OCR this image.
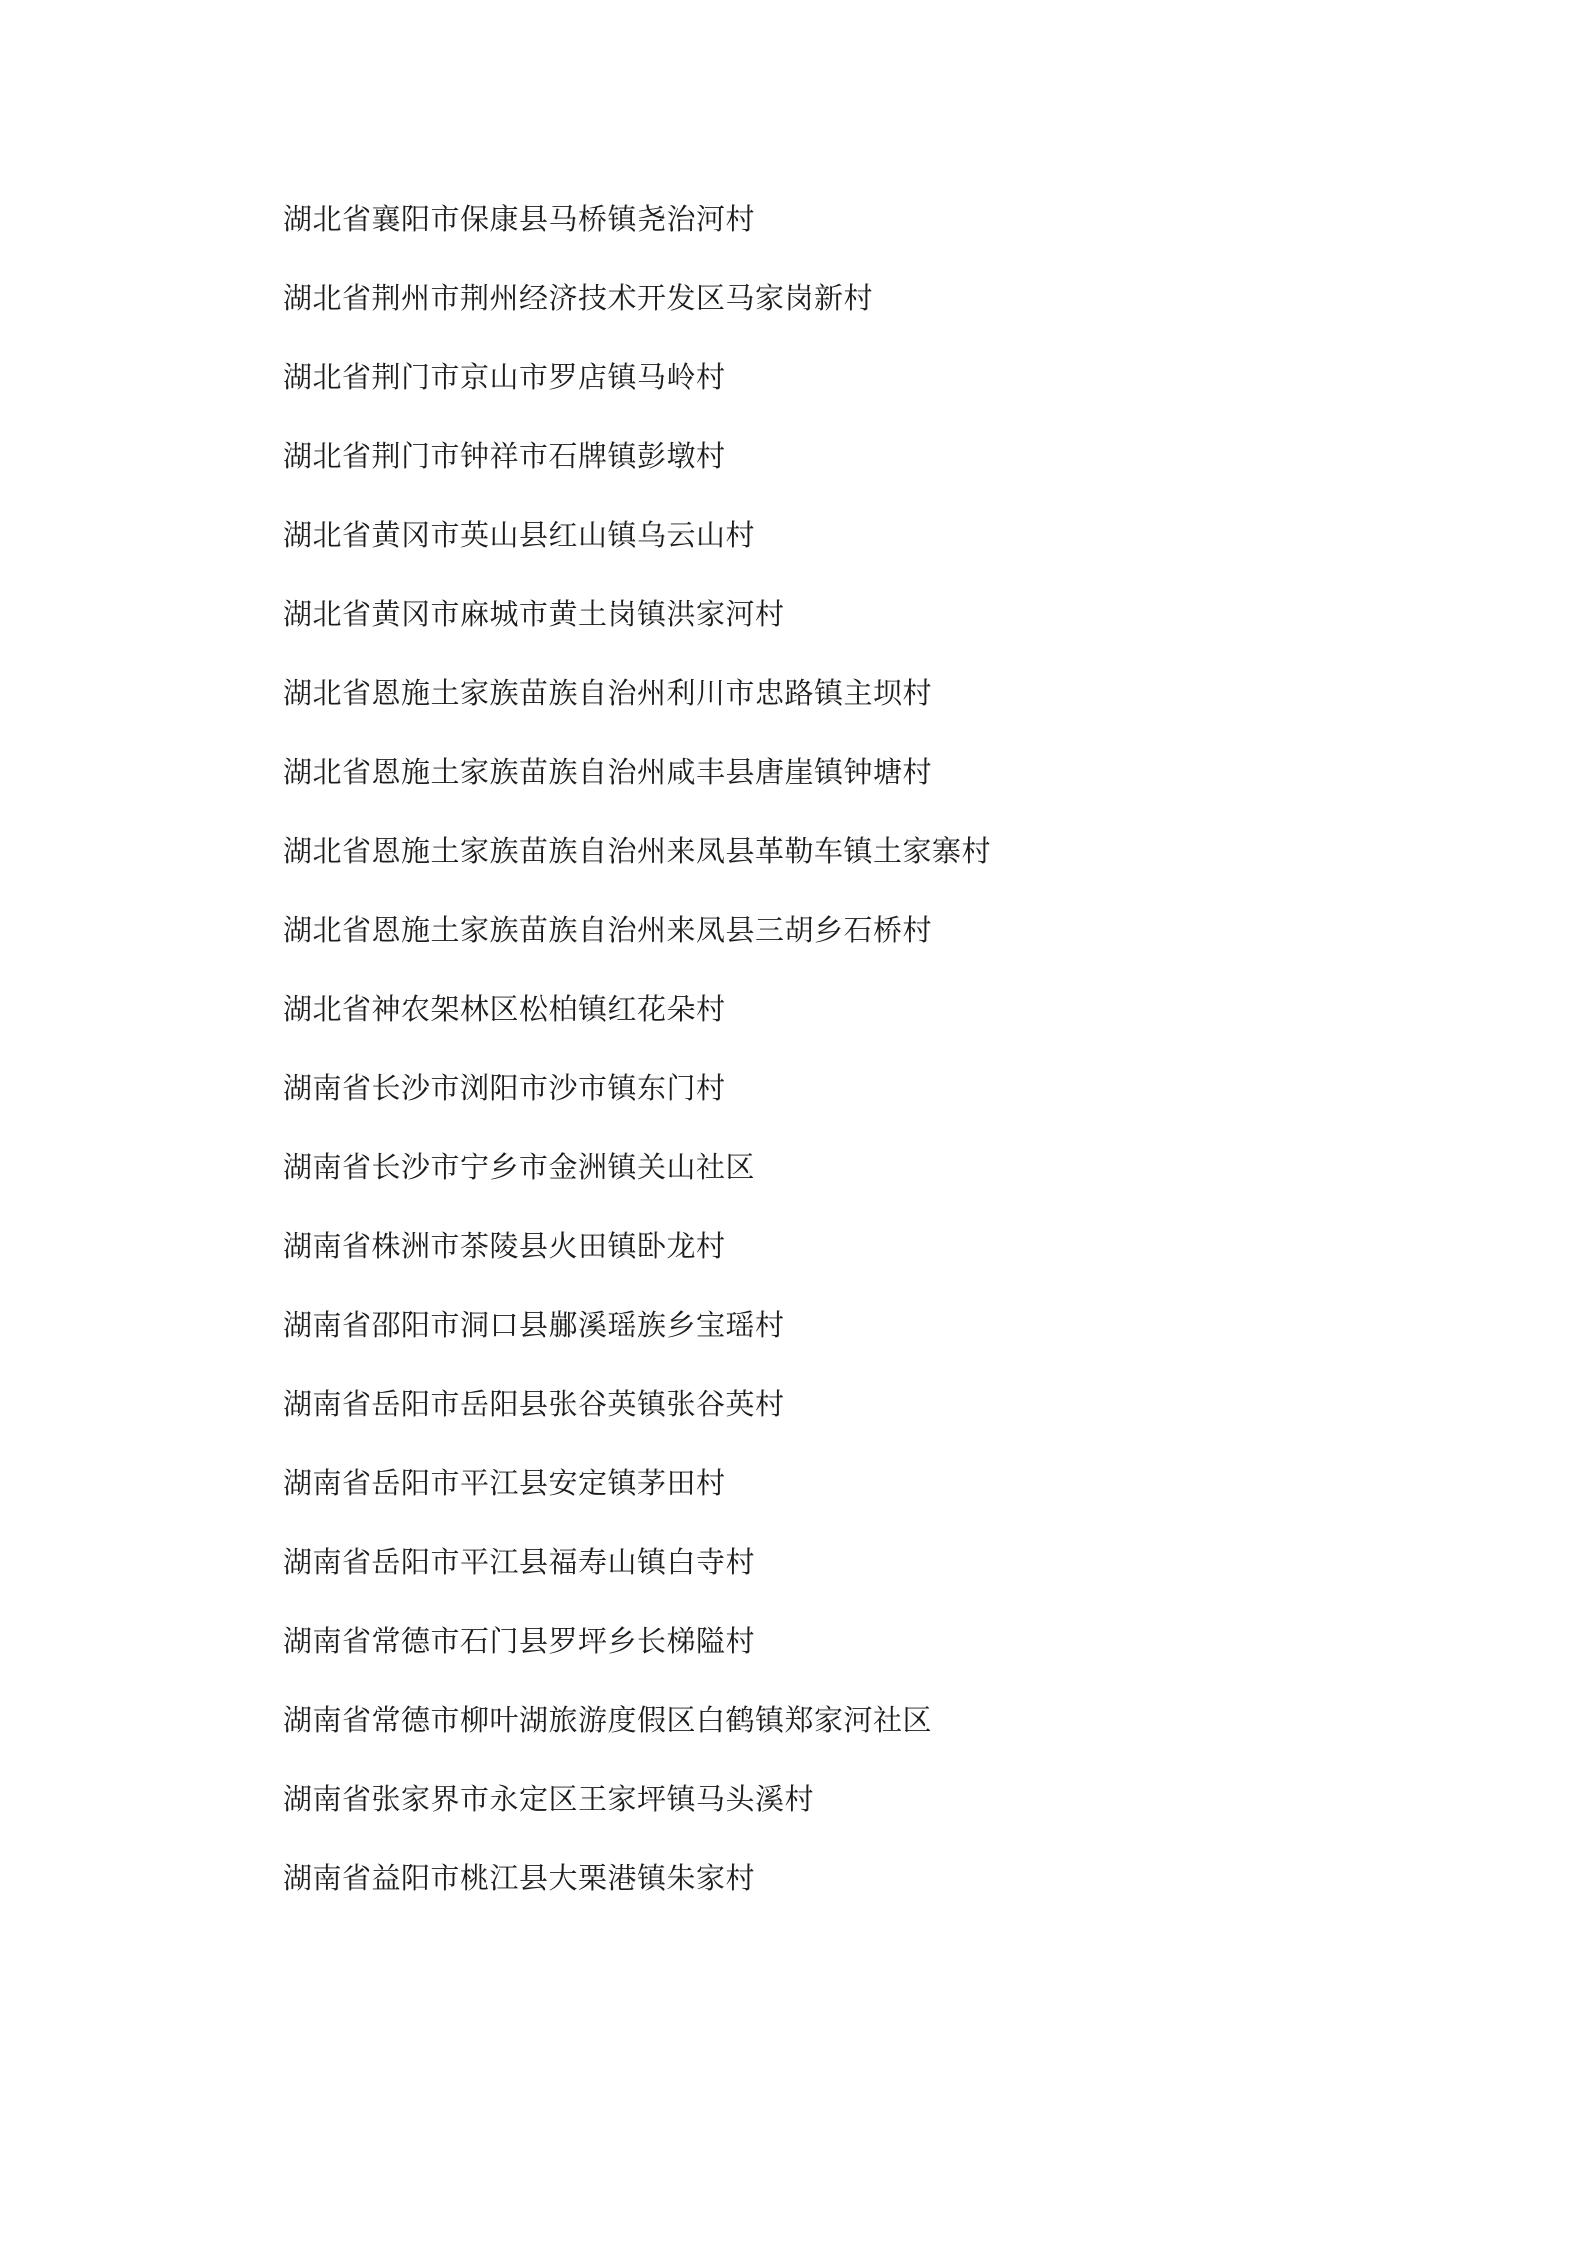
湖北省襄阳市保康县马桥镇尧治河村

湖北省荆州市荆州经济技术开发区马家岗新村

湖北省荆门市京山市罗店镇马岭村

湖北省荆门市钟祥市石牌镇彭墩村

湖北省黄冈市英山县红山镇乌云山村

湖北省黄冈市麻城市黄土岗镇洪家河村

湖北省恩施土家族苗族自治州利川市忠路镇主坝村

湖北省恩施土家族苗族自治州咸丰县唐崖镇钟塘村

湖北省恩施土家族苗族自治州来凤县革勒车镇土家寨村

湖北省恩施土家族苗族自治州来凤县三胡乡石桥村

湖北省神农架林区松柏镇红花朵村

湖南省长沙市浏阳市沙市镇东门村

湖南省长沙市宁乡市金洲镇关山社区

湖南省株洲市茶陵县火田镇卧龙村

湖南省邵阳市洞口县䣙溪瑶族乡宝瑶村

湖南省岳阳市岳阳县张谷英镇张谷英村

湖南省岳阳市平江县安定镇茅田村

湖南省岳阳市平江县福寿山镇白寺村

湖南省常德市石门县罗坪乡长梯隘村

湖南省常德市柳叶湖旅游度假区白鹤镇郑家河社区

湖南省张家界市永定区王家坪镇马头溪村

湖南省益阳市桃江县大栗港镇朱家村
